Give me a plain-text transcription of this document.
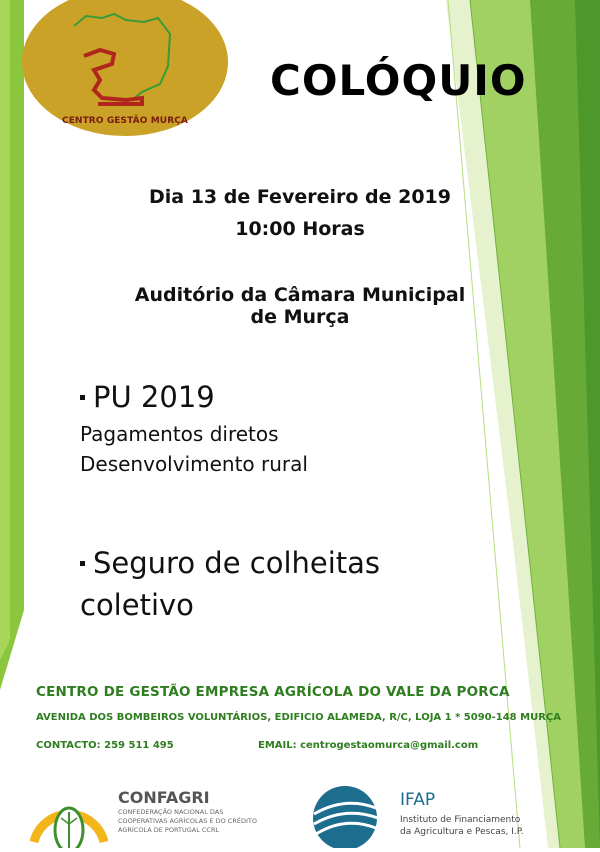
CENTRO GESTÃO MURÇA
COLÓQUIO
Dia 13 de Fevereiro de 2019
10:00 Horas
Auditório da Câmara Municipal
de Murça
PU 2019
Pagamentos diretos
Desenvolvimento rural
Seguro de colheitas
coletivo
CENTRO DE GESTÃO EMPRESA AGRÍCOLA DO VALE DA PORCA
AVENIDA DOS BOMBEIROS VOLUNTÁRIOS, EDIFICIO ALAMEDA, R/C, LOJA 1 * 5090-148 MURÇA
CONTACTO: 259 511 495	EMAIL: centrogestaomurca@gmail.com
CONFAGRI
CONFEDERAÇÃO NACIONAL DAS
COOPERATIVAS AGRÍCOLAS E DO CRÉDITO
AGRÍCOLA DE PORTUGAL CCRL
IFAP
Instituto de Financiamento
da Agricultura e Pescas, I.P.
